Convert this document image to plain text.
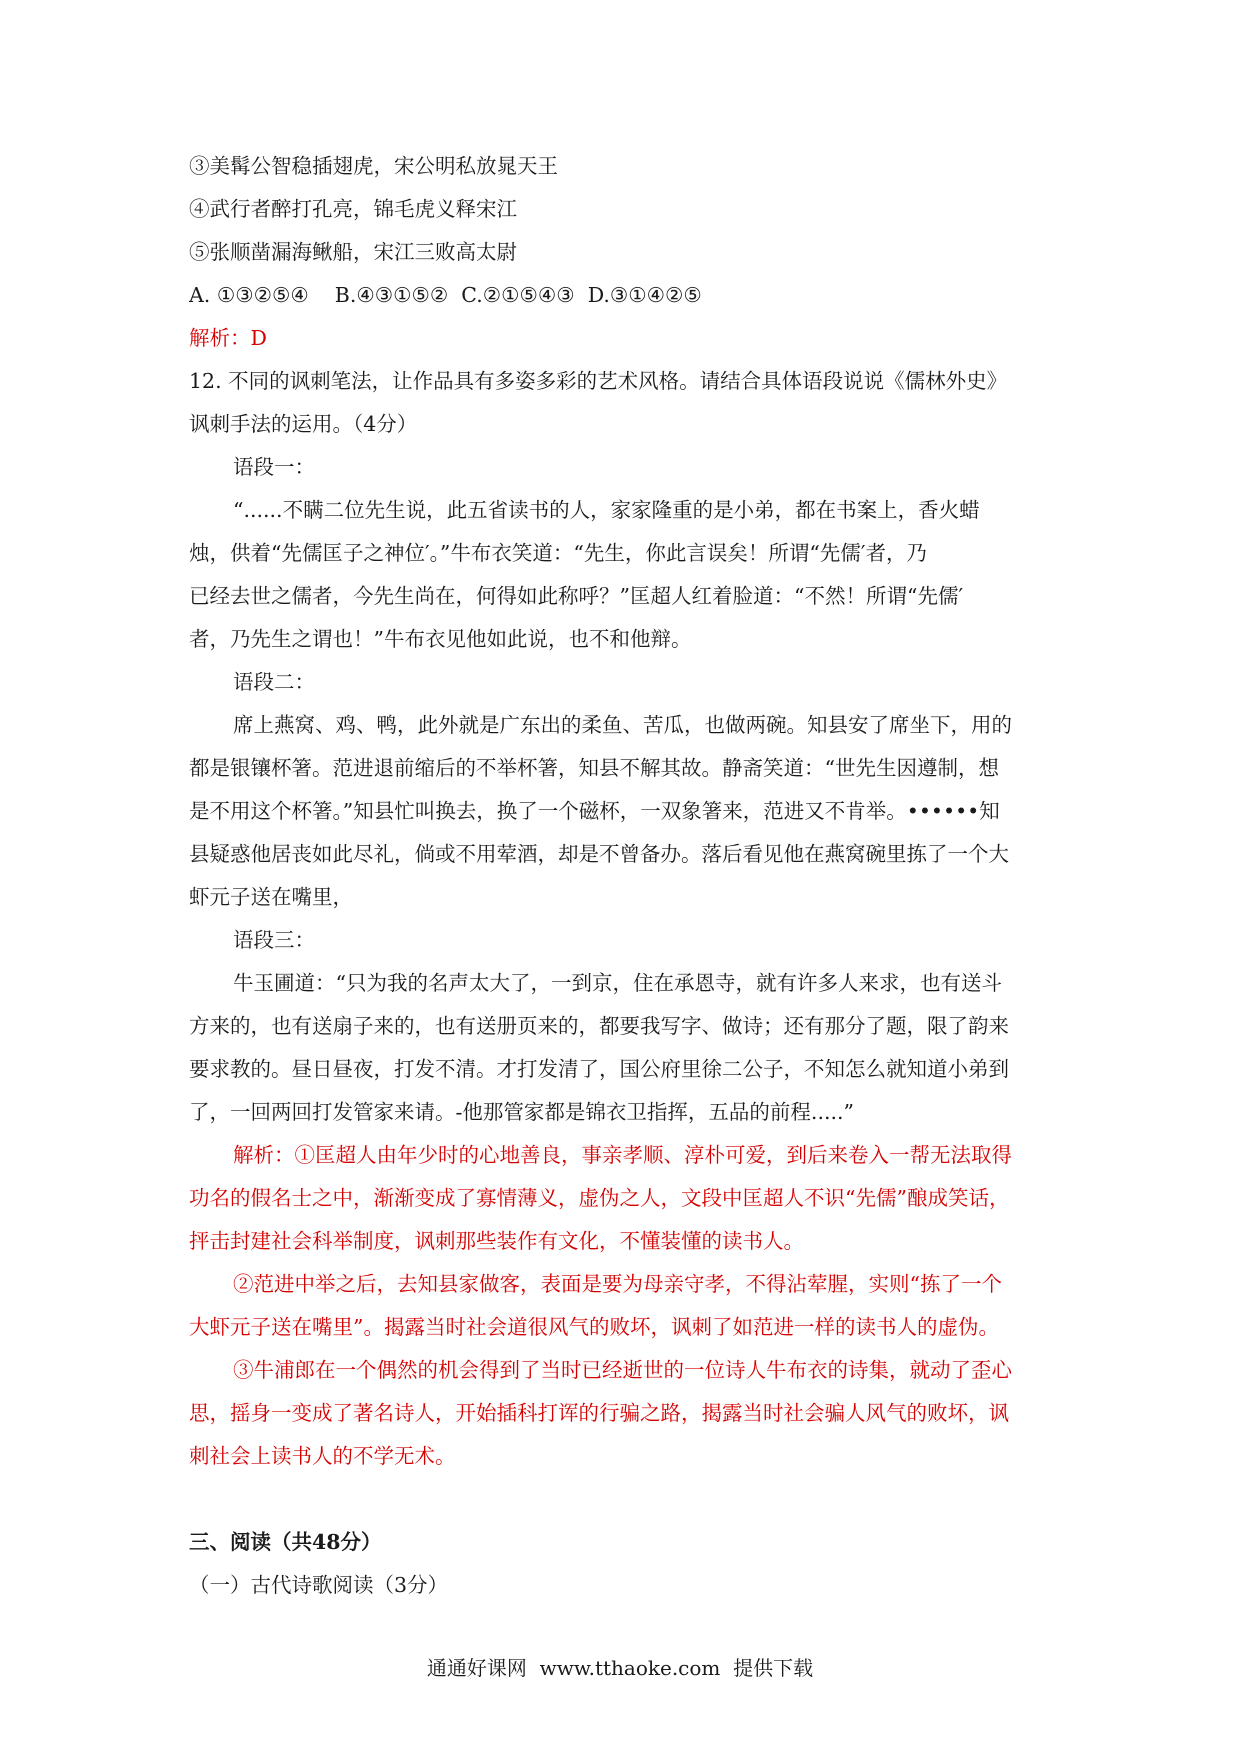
③美髯公智稳插翅虎，宋公明私放晁天王
④武行者醉打孔亮，锦毛虎义释宋江
⑤张顺凿漏海鳅船，宋江三败高太尉
A. ①③②⑤④    B.④③①⑤②  C.②①⑤④③  D.③①④②⑤
解析：D
12. 不同的讽刺笔法，让作品具有多姿多彩的艺术风格。请结合具体语段说说《儒林外史》
讽刺手法的运用。（4分）
语段一：
“......不瞒二位先生说，此五省读书的人，家家隆重的是小弟，都在书案上，香火蜡
烛，供着“先儒匡子之神位′。”牛布衣笑道：“先生，你此言误矣！所谓“先儒′者，乃
已经去世之儒者，今先生尚在，何得如此称呼？”匡超人红着脸道：“不然！所谓“先儒′
者，乃先生之谓也！”牛布衣见他如此说，也不和他辩。
语段二：
席上燕窝、鸡、鸭，此外就是广东出的柔鱼、苦瓜，也做两碗。知县安了席坐下，用的
都是银镶杯箸。范进退前缩后的不举杯箸，知县不解其故。静斋笑道：“世先生因遵制，想
是不用这个杯箸。”知县忙叫换去，换了一个磁杯，一双象箸来，范进又不肯举。••••••知
县疑惑他居丧如此尽礼，倘或不用荤酒，却是不曾备办。落后看见他在燕窝碗里拣了一个大
虾元子送在嘴里，
语段三：
牛玉圃道：“只为我的名声太大了，一到京，住在承恩寺，就有许多人来求，也有送斗
方来的，也有送扇子来的，也有送册页来的，都要我写字、做诗；还有那分了题，限了韵来
要求教的。昼日昼夜，打发不清。才打发清了，国公府里徐二公子，不知怎么就知道小弟到
了，一回两回打发管家来请。-他那管家都是锦衣卫指挥，五品的前程.....”
解析：①匡超人由年少时的心地善良，事亲孝顺、淳朴可爱，到后来卷入一帮无法取得
功名的假名士之中，渐渐变成了寡情薄义，虚伪之人，文段中匡超人不识“先儒”酿成笑话，
抨击封建社会科举制度，讽刺那些装作有文化，不懂装懂的读书人。
②范进中举之后，去知县家做客，表面是要为母亲守孝，不得沾荤腥，实则“拣了一个
大虾元子送在嘴里”。揭露当时社会道很风气的败坏，讽刺了如范进一样的读书人的虚伪。
③牛浦郎在一个偶然的机会得到了当时已经逝世的一位诗人牛布衣的诗集，就动了歪心
思，摇身一变成了著名诗人，开始插科打诨的行骗之路，揭露当时社会骗人风气的败坏，讽
刺社会上读书人的不学无术。
三、阅读（共48分）
（一）古代诗歌阅读（3分）
通通好课网  www.tthaoke.com  提供下载
